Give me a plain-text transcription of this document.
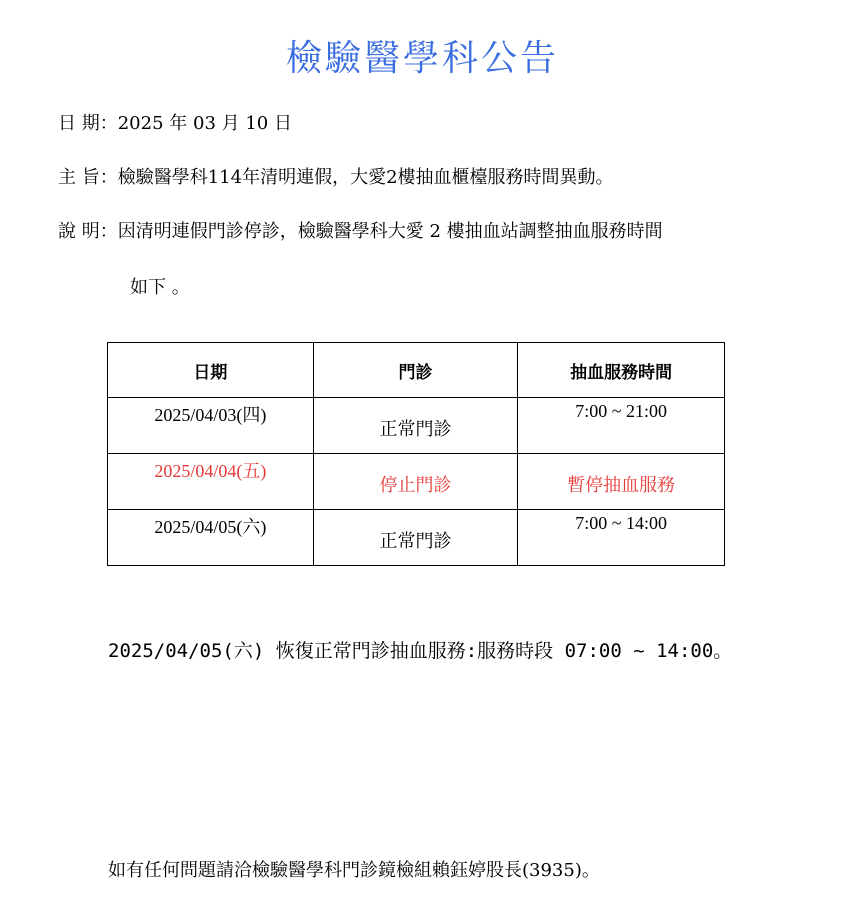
檢驗醫學科公告
日 期：2025 年 03 月 10 日
主 旨：檢驗醫學科114年清明連假，大愛2樓抽血櫃檯服務時間異動。
說 明：因清明連假門診停診，檢驗醫學科大愛 2 樓抽血站調整抽血服務時間
如下 。
日期	門診	抽血服務時間

2025/04/03(四)	正常門診	7:00 ~ 21:00

2025/04/04(五)	停止門診	暫停抽血服務

2025/04/05(六)	正常門診	7:00 ~ 14:00
2025/04/05(六) 恢復正常門診抽血服務:服務時段 07:00 ~ 14:00。
如有任何問題請洽檢驗醫學科門診鏡檢組賴鈺婷股長(3935)。
